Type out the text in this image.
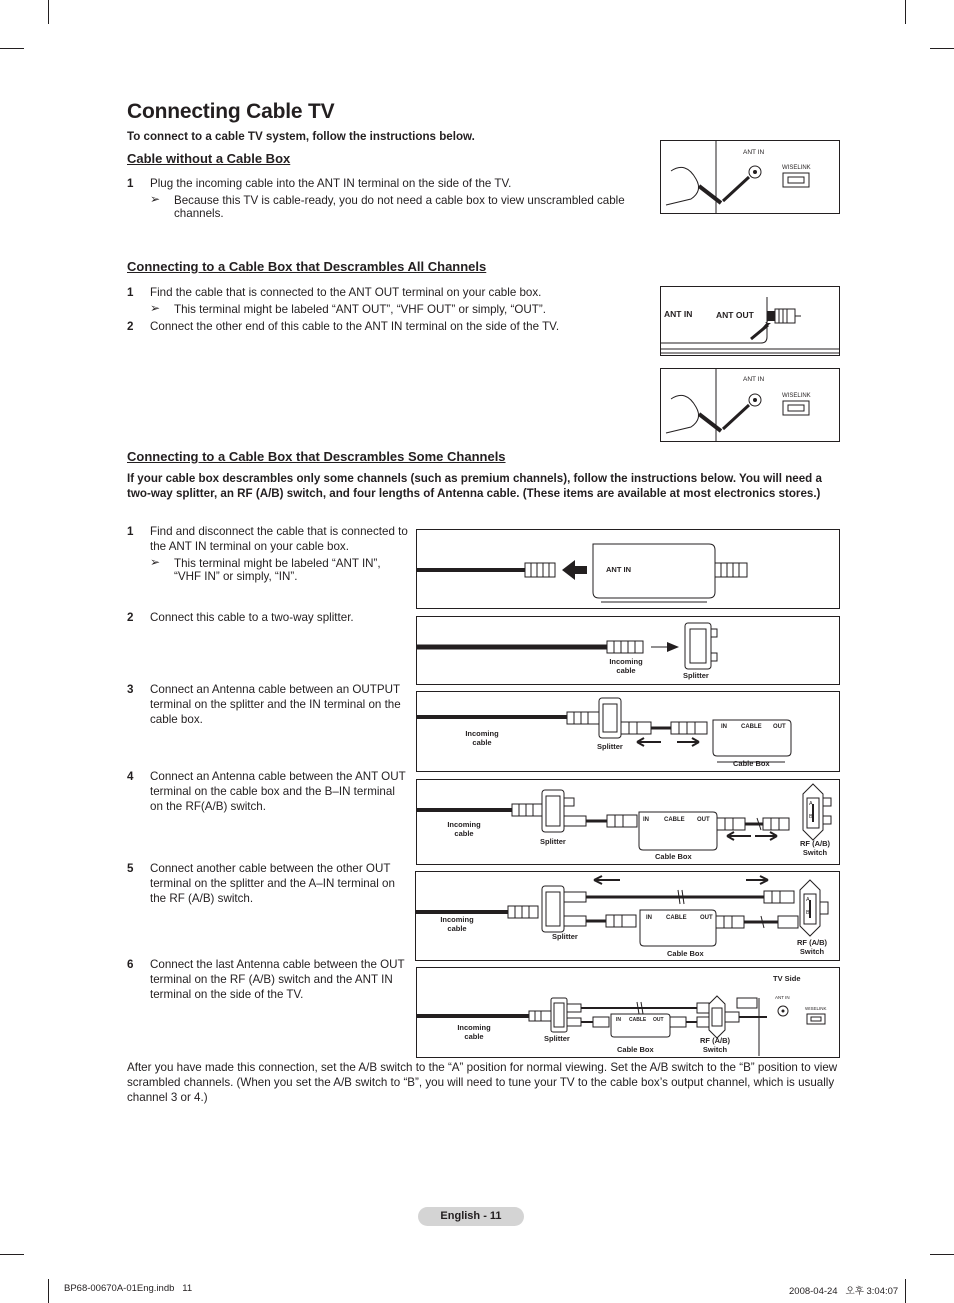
Connecting Cable TV
To connect to a cable TV system, follow the instructions below.
Cable without a Cable Box
1 Plug the incoming cable into the ANT IN terminal on the side of the TV.
➢ Because this TV is cable-ready, you do not need a cable box to view unscrambled cable channels.
ANT IN
WISELINK
Connecting to a Cable Box that Descrambles All Channels
1 Find the cable that is connected to the ANT OUT terminal on your cable box.
➢ This terminal might be labeled “ANT OUT”, “VHF OUT” or simply, “OUT”.
2 Connect the other end of this cable to the ANT IN terminal on the side of the TV.
ANT IN	ANT OUT
ANT IN
WISELINK
Connecting to a Cable Box that Descrambles Some Channels
If your cable box descrambles only some channels (such as premium channels), follow the instructions below. You will need a two-way splitter, an RF (A/B) switch, and four lengths of Antenna cable. (These items are available at most electronics stores.)
1 Find and disconnect the cable that is connected to the ANT IN terminal on your cable box.
➢ This terminal might be labeled “ANT IN”, “VHF IN” or simply, “IN”.
2 Connect this cable to a two-way splitter.
3 Connect an Antenna cable between an OUTPUT terminal on the splitter and the IN terminal on the cable box.
4 Connect an Antenna cable between the ANT OUT terminal on the cable box and the B–IN terminal on the RF(A/B) switch.
5 Connect another cable between the other OUT terminal on the splitter and the A–IN terminal on the RF (A/B) switch.
6 Connect the last Antenna cable between the OUT terminal on the RF (A/B) switch and the ANT IN terminal on the side of the TV.
ANT IN
Incoming
cable
Splitter
Incoming
cable	Splitter
IN CABLE OUT
Cable Box
Incoming
cable
Splitter
IN	CABLE OUT
Cable Box
A
B
RF (A/B)
Switch
Incoming
cable
Splitter
IN CABLE OUT
Cable Box
A
B
RF (A/B)
Switch
Incoming
cable	Splitter
IN CABLE OUT
Cable Box
RF (A/B)
Switch
TV Side
ANT IN
WISELINK
After you have made this connection, set the A/B switch to the “A” position for normal viewing. Set the A/B switch to the “B” position to view scrambled channels. (When you set the A/B switch to “B”, you will need to tune your TV to the cable box’s output channel, which is usually channel 3 or 4.)
English - 11
BP68-00670A-01Eng.indb   11	2008-04-24   오후 3:04:07
